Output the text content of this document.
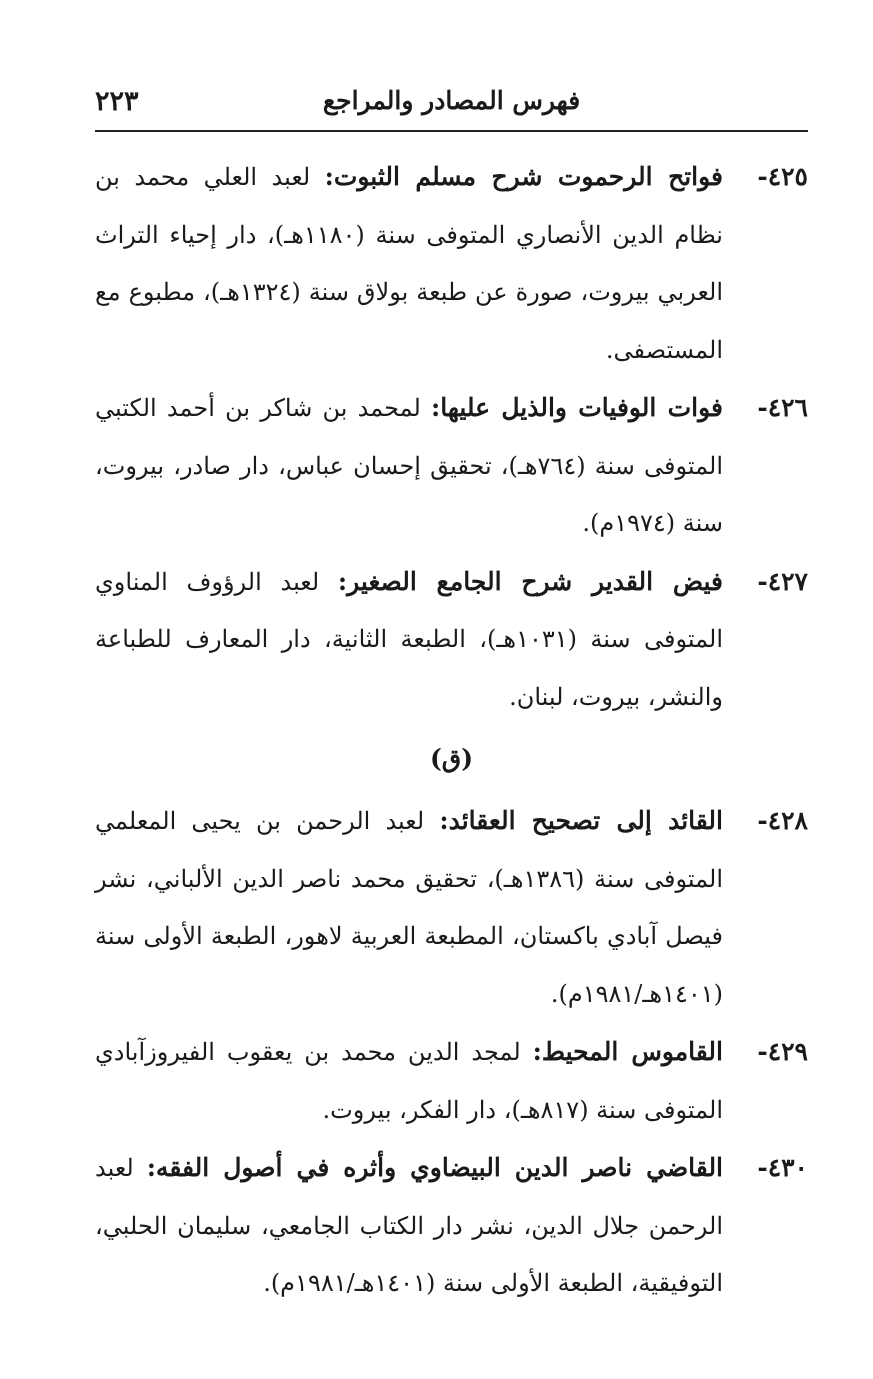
٢٢٣	فهرس المصادر والمراجع
٤٢٥-
فواتح الرحموت شرح مسلم الثبوت: لعبد العلي محمد بن نظام الدين الأنصاري المتوفى سنة (١١٨٠هـ)، دار إحياء التراث العربي بيروت، صورة عن طبعة بولاق سنة (١٣٢٤هـ)، مطبوع مع المستصفى.
٤٢٦-
فوات الوفيات والذيل عليها: لمحمد بن شاكر بن أحمد الكتبي المتوفى سنة (٧٦٤هـ)، تحقيق إحسان عباس، دار صادر، بيروت، سنة (١٩٧٤م).
٤٢٧-
فيض القدير شرح الجامع الصغير: لعبد الرؤوف المناوي المتوفى سنة (١٠٣١هـ)، الطبعة الثانية، دار المعارف للطباعة والنشر، بيروت، لبنان.
(ق)
٤٢٨-
القائد إلى تصحيح العقائد: لعبد الرحمن بن يحيى المعلمي المتوفى سنة (١٣٨٦هـ)، تحقيق محمد ناصر الدين الألباني، نشر فيصل آبادي باكستان، المطبعة العربية لاهور، الطبعة الأولى سنة (١٤٠١هـ/١٩٨١م).
٤٢٩-
القاموس المحيط: لمجد الدين محمد بن يعقوب الفيروزآبادي المتوفى سنة (٨١٧هـ)، دار الفكر، بيروت.
٤٣٠-
القاضي ناصر الدين البيضاوي وأثره في أصول الفقه: لعبد الرحمن جلال الدين، نشر دار الكتاب الجامعي، سليمان الحلبي، التوفيقية، الطبعة الأولى سنة (١٤٠١هـ/١٩٨١م).
